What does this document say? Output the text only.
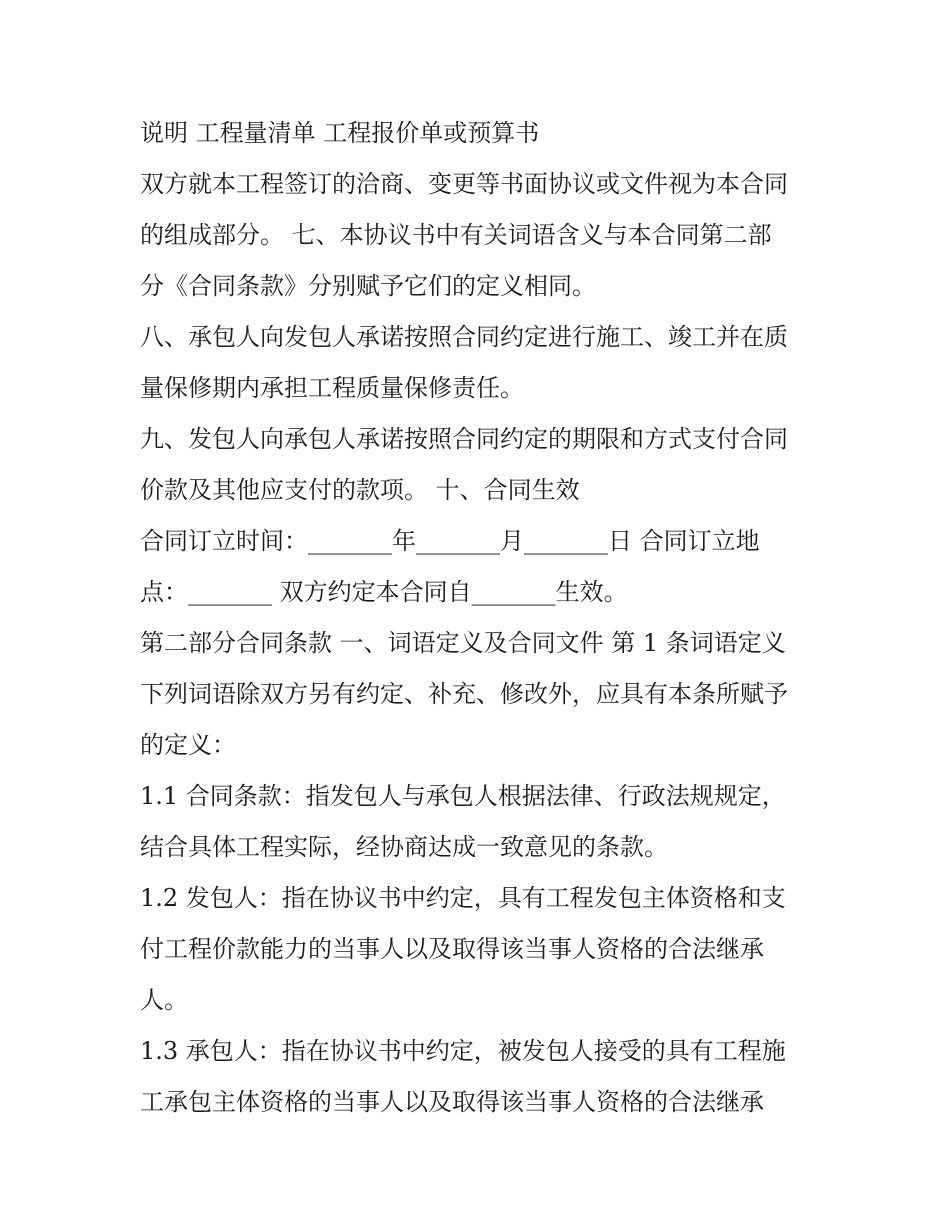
说明 工程量清单 工程报价单或预算书
双方就本工程签订的洽商、变更等书面协议或文件视为本合同
的组成部分。 七、本协议书中有关词语含义与本合同第二部
分《合同条款》分别赋予它们的定义相同。
八、承包人向发包人承诺按照合同约定进行施工、竣工并在质
量保修期内承担工程质量保修责任。
九、发包人向承包人承诺按照合同约定的期限和方式支付合同
价款及其他应支付的款项。 十、合同生效
合同订立时间：_______年_______月_______日 合同订立地
点：_______ 双方约定本合同自_______生效。
第二部分合同条款 一、词语定义及合同文件 第 1 条词语定义
下列词语除双方另有约定、补充、修改外，应具有本条所赋予
的定义：
1.1 合同条款：指发包人与承包人根据法律、行政法规规定，
结合具体工程实际，经协商达成一致意见的条款。
1.2 发包人：指在协议书中约定，具有工程发包主体资格和支
付工程价款能力的当事人以及取得该当事人资格的合法继承
人。
1.3 承包人：指在协议书中约定，被发包人接受的具有工程施
工承包主体资格的当事人以及取得该当事人资格的合法继承
